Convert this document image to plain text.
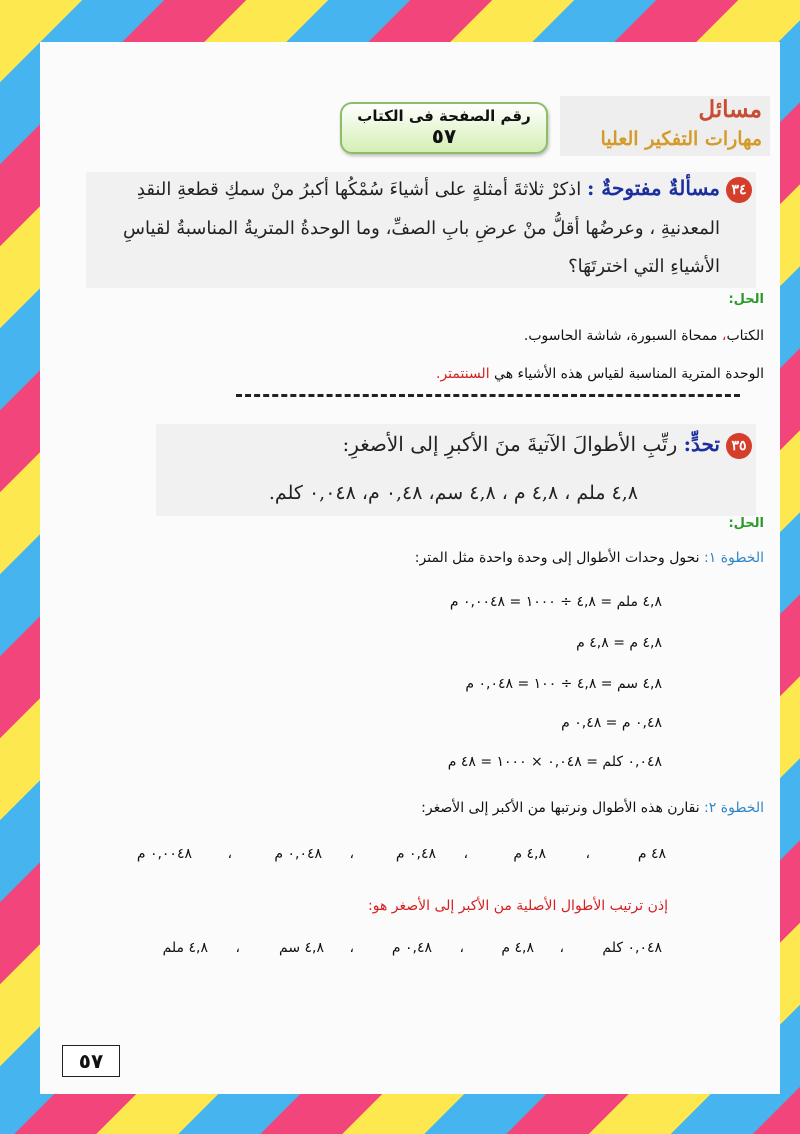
مسائل
مهارات التفكير العليا
رقم الصفحة فى الكتاب
٥٧
٣٤مسألةٌ مفتوحةٌ : اذكرْ ثلاثةَ أمثلةٍ على أشياءَ سُمْكُها أكبرُ منْ سمكِ قطعةِ النقدِ
المعدنيةِ ، وعرضُها أقلُّ منْ عرضِ بابِ الصفِّ، وما الوحدةُ المتريةُ المناسبةُ لقياسِ
الأشياءِ التي اخترتَهَا؟
الحل:
الكتاب، ممحاة السبورة، شاشة الحاسوب.
الوحدة المترية المناسبة لقياس هذه الأشياء هي السنتمتر.
٣٥تحدٍّ: رتِّبِ الأطوالَ الآتيةَ منَ الأكبرِ إلى الأصغرِ:
٤,٨ ملم ، ٤,٨ م ، ٤,٨ سم، ٠,٤٨ م، ٠,٠٤٨ كلم.
الحل:
الخطوة ١: نحول وحدات الأطوال إلى وحدة واحدة مثل المتر:
٤,٨ ملم = ٤,٨ ÷ ١٠٠٠ = ٠,٠٠٤٨ م
٤,٨ م = ٤,٨ م
٤,٨ سم = ٤,٨ ÷ ١٠٠ = ٠,٠٤٨ م
٠,٤٨ م = ٠,٤٨ م
٠,٠٤٨ كلم = ٠,٠٤٨ × ١٠٠٠ = ٤٨ م
الخطوة ٢: نقارن هذه الأطوال ونرتبها من الأكبر إلى الأصغر:
٤٨ م
،
٤,٨ م
،
٠,٤٨ م
،
٠,٠٤٨ م
،
٠,٠٠٤٨ م
إذن ترتيب الأطوال الأصلية من الأكبر إلى الأصغر هو:
٠,٠٤٨ كلم
،
٤,٨ م
،
٠,٤٨ م
،
٤,٨ سم
،
٤,٨ ملم
٥٧
